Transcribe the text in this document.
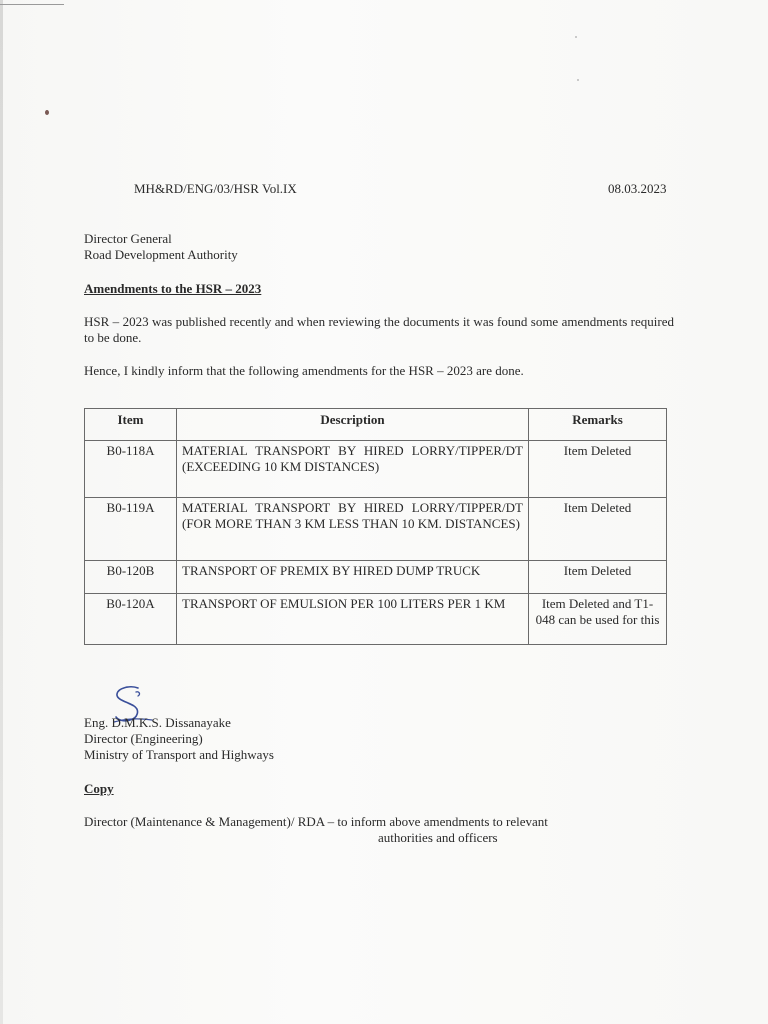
MH&RD/ENG/03/HSR Vol.IX	08.03.2023
Director General
Road Development Authority
Amendments to the HSR – 2023
HSR – 2023 was published recently and when reviewing the documents it was found some amendments required to be done.
Hence, I kindly inform that the following amendments for the HSR – 2023 are done.
Item	Description	Remarks
B0-118A	MATERIAL TRANSPORT BY HIRED LORRY/TIPPER/DT (EXCEEDING 10 KM DISTANCES)	Item Deleted
B0-119A	MATERIAL TRANSPORT BY HIRED LORRY/TIPPER/DT (FOR MORE THAN 3 KM LESS THAN 10 KM. DISTANCES)	Item Deleted
B0-120B	TRANSPORT OF PREMIX BY HIRED DUMP TRUCK	Item Deleted
B0-120A	TRANSPORT OF EMULSION PER 100 LITERS PER 1 KM	Item Deleted and T1-048 can be used for this
Eng. D.M.K.S. Dissanayake
Director (Engineering)
Ministry of Transport and Highways
Copy
Director (Maintenance & Management)/ RDA – to inform above amendments to relevant
authorities and officers
